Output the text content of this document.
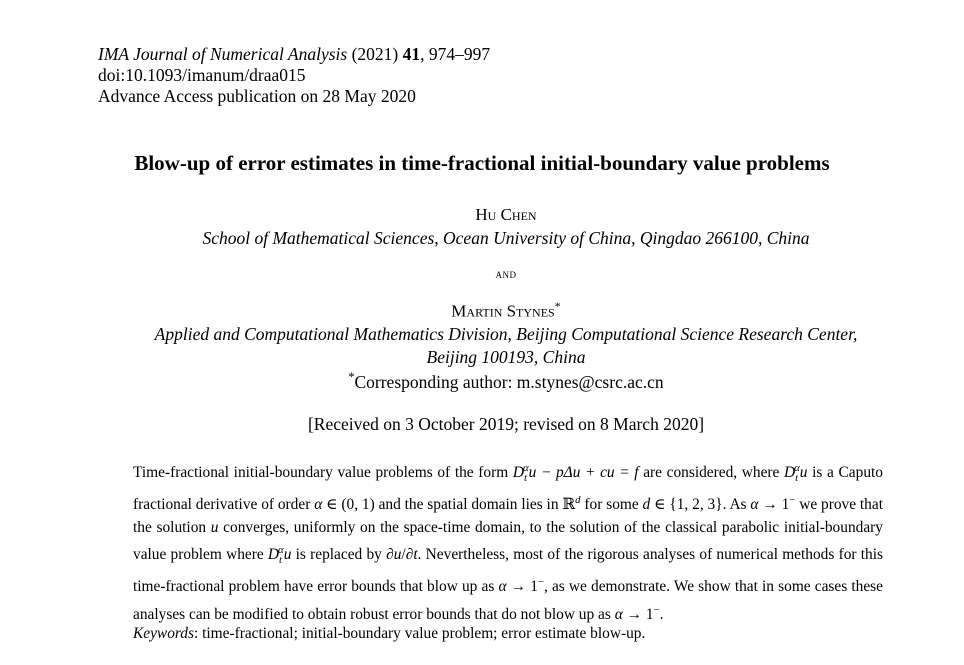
IMA Journal of Numerical Analysis (2021) 41, 974–997
doi:10.1093/imanum/draa015
Advance Access publication on 28 May 2020
Blow-up of error estimates in time-fractional initial-boundary value problems
Hu Chen
School of Mathematical Sciences, Ocean University of China, Qingdao 266100, China
and
Martin Stynes*
Applied and Computational Mathematics Division, Beijing Computational Science Research Center,
Beijing 100193, China
*Corresponding author: m.stynes@csrc.ac.cn
[Received on 3 October 2019; revised on 8 March 2020]

Time-fractional initial-boundary value problems of the form $D_t^\alpha u - p\Delta u$ + cu = f are considered, where $D_t^\alpha u$ is a Caputo fractional derivative of order α ∈ (0, 1) and the spatial domain lies in ℝ$^d$ for some d ∈ {1, 2, 3}. As α → 1− we prove that the solution u converges, uniformly on the space-time domain, to the solution of the classical parabolic initial-boundary value problem where $D_t^\alpha u$ is replaced by ∂u/∂t. Nevertheless, most of the rigorous analyses of numerical methods for this time-fractional problem have error bounds that blow up as α → 1−, as we demonstrate. We show that in some cases these analyses can be modified to obtain robust error bounds that do not blow up as α → 1−.

Keywords: time-fractional; initial-boundary value problem; error estimate blow-up.
